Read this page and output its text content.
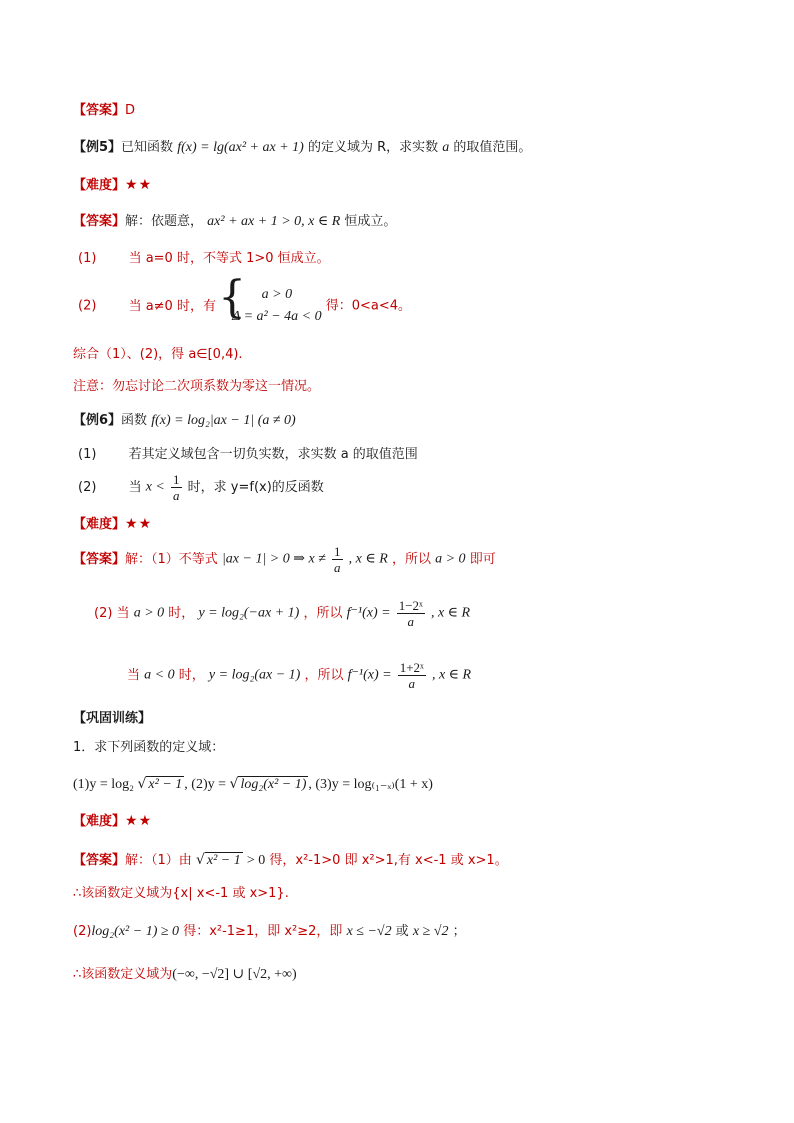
【答案】D
【例5】已知函数 f(x) = lg(ax² + ax + 1) 的定义域为 R，求实数 a 的取值范围。
【难度】★★
【答案】解：依题意， ax² + ax + 1 > 0, x ∈ R 恒成立。
(1) 当 a=0 时，不等式 1>0 恒成立。
(2) 当 a≠0 时，有 {	a > 0
Δ = a² − 4a < 0
得：0<a<4。
综合（1）、(2)，得 a∈[0,4).
注意：勿忘讨论二次项系数为零这一情况。
【例6】函数 f(x) = log₂|ax − 1| (a ≠ 0)
(1) 若其定义域包含一切负实数，求实数 a 的取值范围
(2) 当 $x < \frac{1}{a}$ 时，求 y=f(x)的反函数
【难度】★★
【答案】解：（1）不等式 |ax − 1| > 0 ⇒ $x \ne \frac{1}{a}$ , x ∈ R ，所以 a > 0 即可
(2) 当 a > 0 时， y = log₂(−ax + 1) ，所以 $f^{-1}(x) = \frac{\text{1−2ˣ}}{a}$ , x ∈ R
当 a < 0 时， y = log₂(ax − 1) ，所以 $f^{-1}(x) = \frac{\text{1+2ˣ}}{a}$ , x ∈ R
【巩固训练】
1．求下列函数的定义域：
(1)y = log₂ √ x² − 1 , (2)y = √ log₂(x² − 1) , (3)y = log₍₁₋ₓ₎(1 + x)
【难度】★★
【答案】解：（1）由 √ x² − 1 > 0 得，x²-1>0 即 x²>1,有 x<-1 或 x>1。
∴该函数定义域为{x| x<-1 或 x>1}.
(2)log₂(x² − 1) ≥ 0 得：x²-1≥1，即 x²≥2，即 x ≤ −√2 或 x ≥ √2 ；
∴该函数定义域为(−∞, −√2] ∪ [√2, +∞)
